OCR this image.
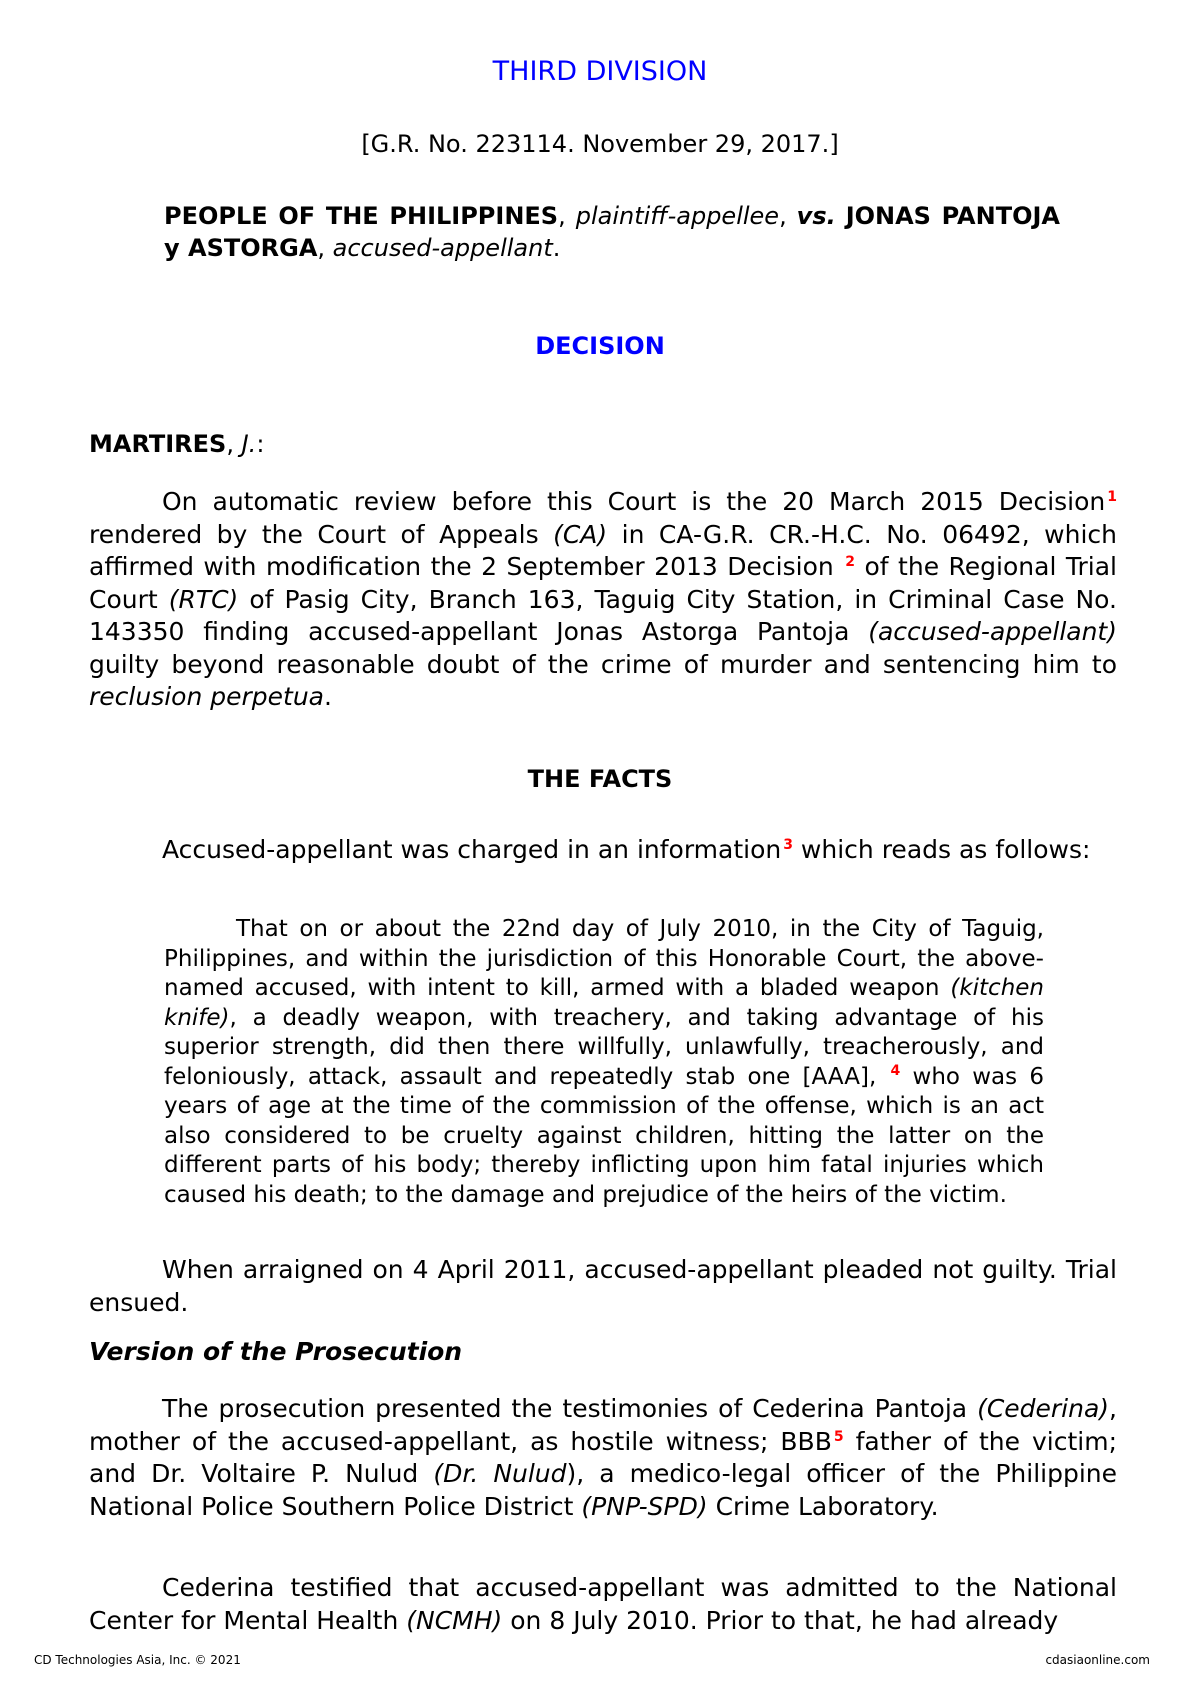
THIRD DIVISION

[G.R. No. 223114. November 29, 2017.]

PEOPLE OF THE PHILIPPINES, plaintiff-appellee, vs. JONAS PANTOJA y ASTORGA, accused-appellant.

DECISION

MARTIRES, J.:

On automatic review before this Court is the 20 March 2015 Decision $^1$ rendered by the Court of Appeals (CA) in CA-G.R. CR.-H.C. No. 06492, which affirmed with modification the 2 September 2013 Decision $^2$ of the Regional Trial Court (RTC) of Pasig City, Branch 163, Taguig City Station, in Criminal Case No. 143350 finding accused-appellant Jonas Astorga Pantoja (accused-appellant) guilty beyond reasonable doubt of the crime of murder and sentencing him to reclusion perpetua.

THE FACTS

Accused-appellant was charged in an information $^3$ which reads as follows:

That on or about the 22nd day of July 2010, in the City of Taguig, Philippines, and within the jurisdiction of this Honorable Court, the above-named accused, with intent to kill, armed with a bladed weapon (kitchen knife), a deadly weapon, with treachery, and taking advantage of his superior strength, did then there willfully, unlawfully, treacherously, and feloniously, attack, assault and repeatedly stab one [AAA], $^4$ who was 6 years of age at the time of the commission of the offense, which is an act also considered to be cruelty against children, hitting the latter on the different parts of his body; thereby inflicting upon him fatal injuries which caused his death; to the damage and prejudice of the heirs of the victim.

When arraigned on 4 April 2011, accused-appellant pleaded not guilty. Trial ensued.

Version of the Prosecution

The prosecution presented the testimonies of Cederina Pantoja (Cederina), mother of the accused-appellant, as hostile witness; BBB $^5$ father of the victim; and Dr. Voltaire P. Nulud (Dr. Nulud), a medico-legal officer of the Philippine National Police Southern Police District (PNP-SPD) Crime Laboratory.

Cederina testified that accused-appellant was admitted to the National Center for Mental Health (NCMH) on 8 July 2010. Prior to that, he had already

CD Technologies Asia, Inc. © 2021	cdasiaonline.com
